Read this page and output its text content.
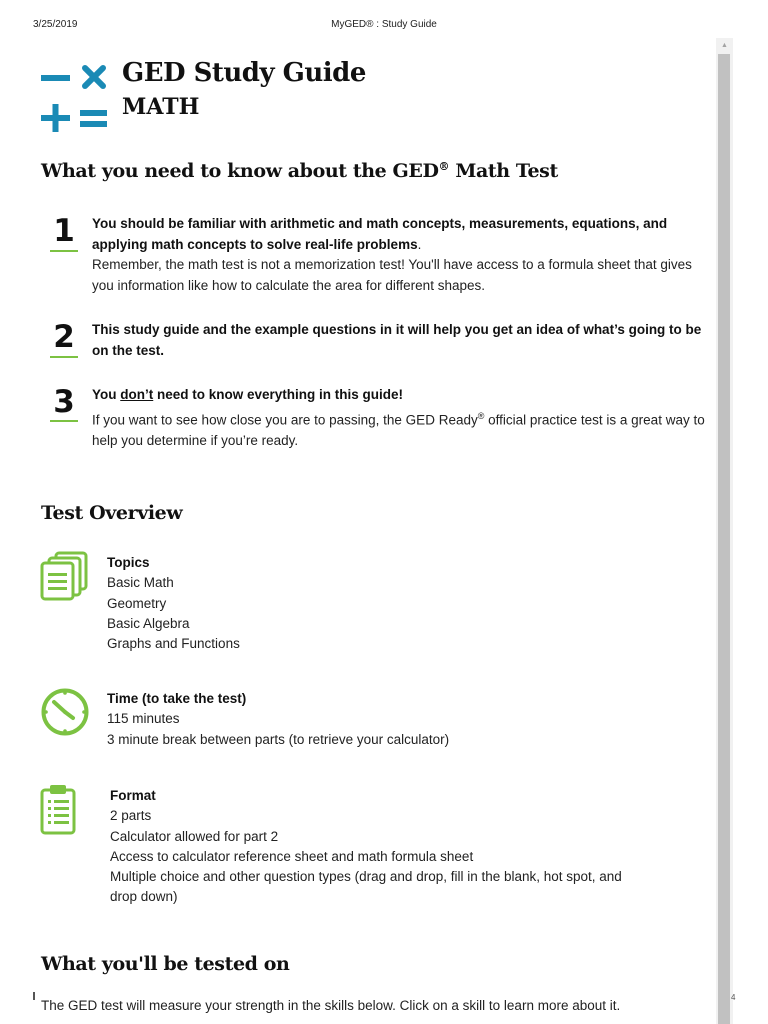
3/25/2019	MyGED® : Study Guide
▲
4
GED Study Guide
MATH
What you need to know about the GED® Math Test
1 You should be familiar with arithmetic and math concepts, measurements, equations, and applying math concepts to solve real-life problems.
Remember, the math test is not a memorization test! You'll have access to a formula sheet that gives you information like how to calculate the area for different shapes.
2 This study guide and the example questions in it will help you get an idea of what’s going to be on the test.
3 You don’t need to know everything in this guide!
If you want to see how close you are to passing, the GED Ready® official practice test is a great way to help you determine if you’re ready.
Test Overview
Topics
Basic Math
Geometry
Basic Algebra
Graphs and Functions
Time (to take the test)
115 minutes
3 minute break between parts (to retrieve your calculator)
Format
2 parts
Calculator allowed for part 2
Access to calculator reference sheet and math formula sheet
Multiple choice and other question types (drag and drop, fill in the blank, hot spot, and
drop down)
What you'll be tested on
The GED test will measure your strength in the skills below. Click on a skill to learn more about it.
